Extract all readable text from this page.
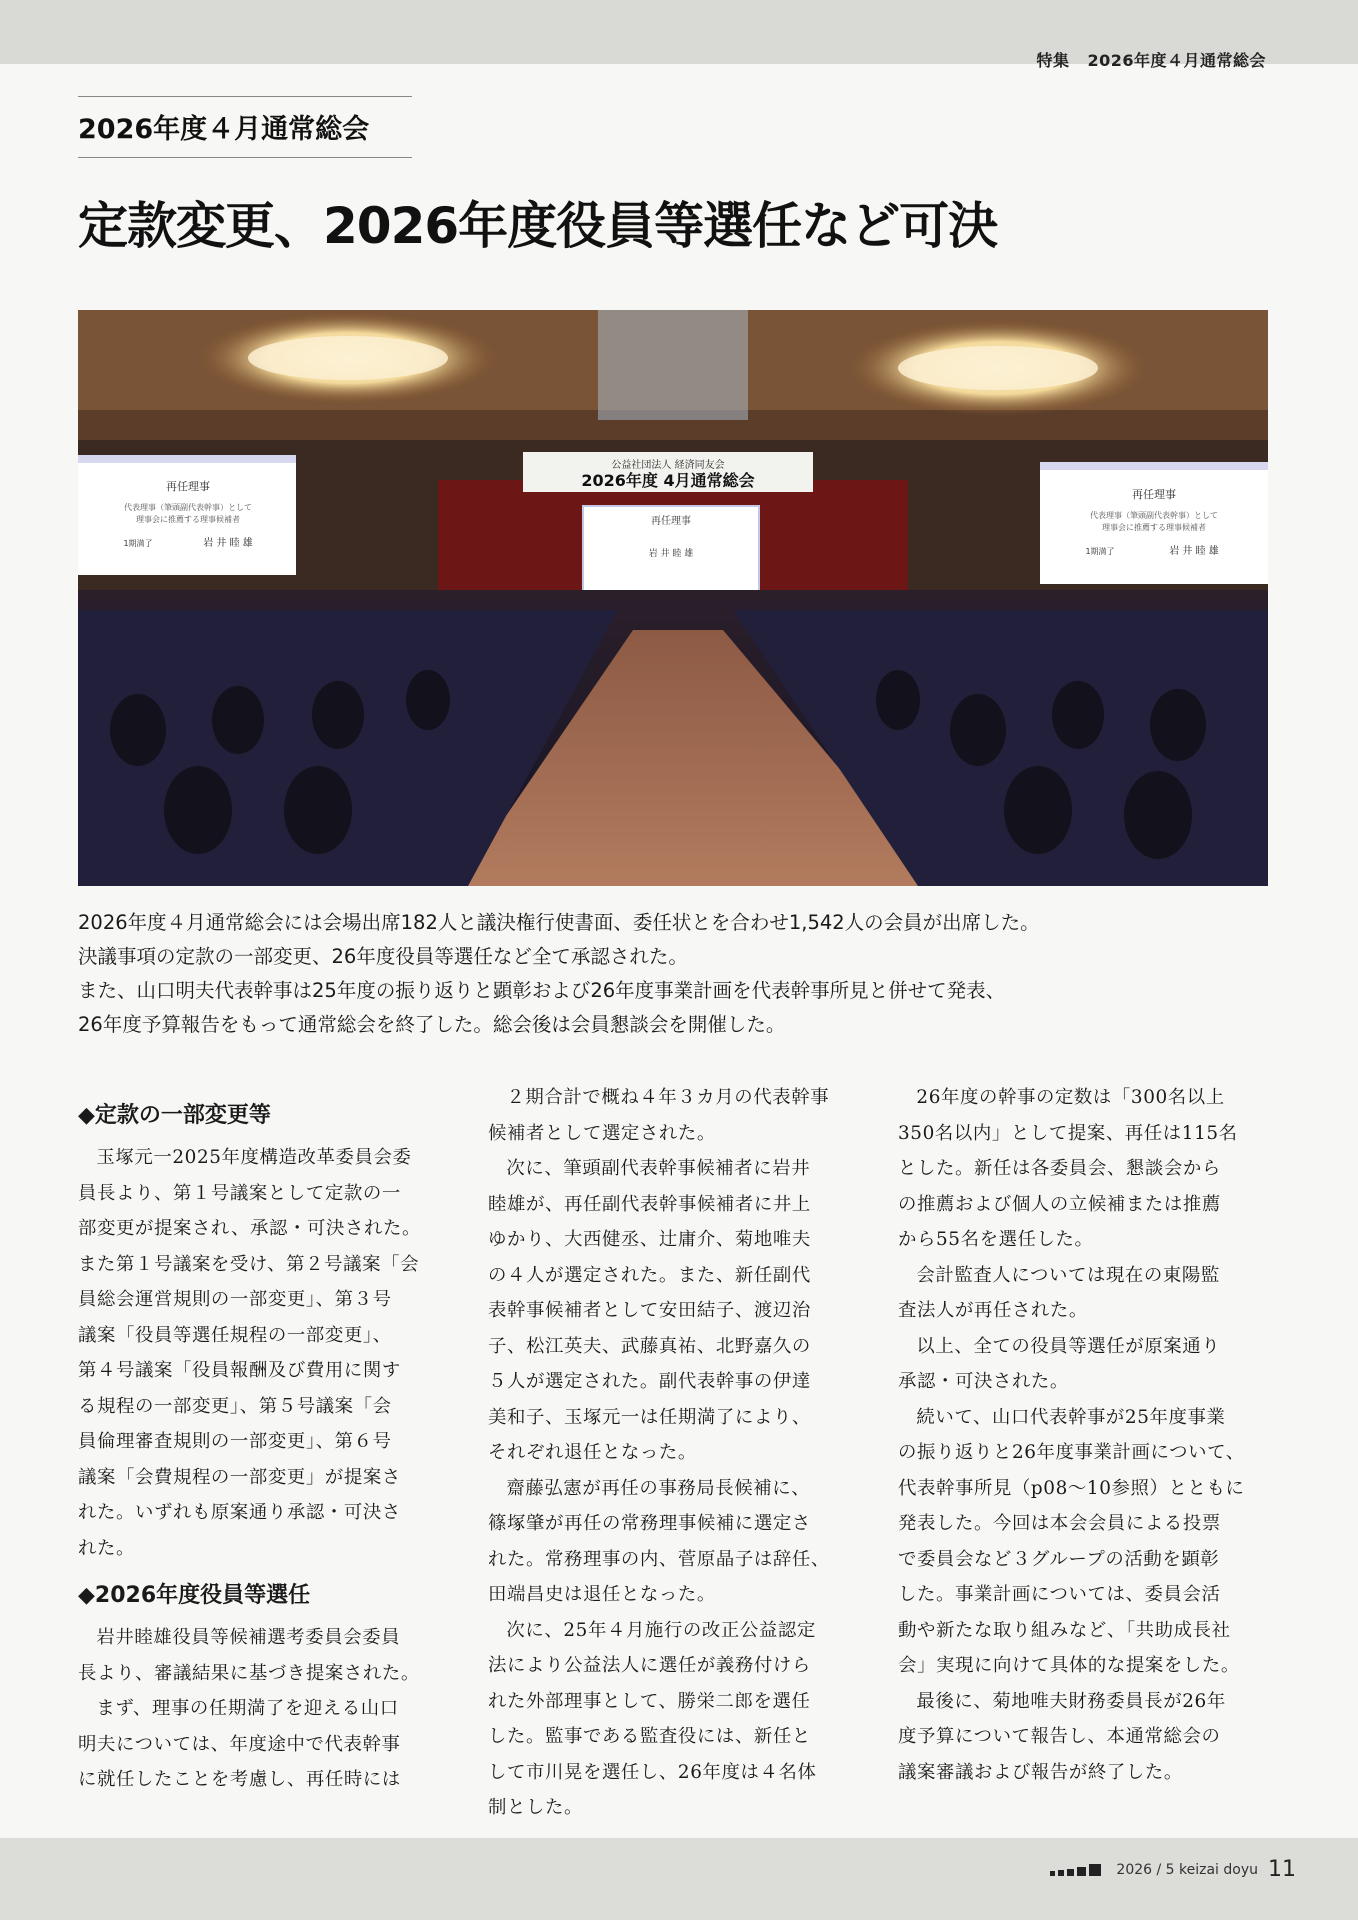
特集 2026年度４月通常総会
2026年度４月通常総会
定款変更、2026年度役員等選任など可決
公益社団法人 経済同友会
2026年度 4月通常総会
再任理事
岩 井 睦 雄
再任理事
代表理事（筆頭副代表幹事）として
理事会に推薦する理事候補者
1期満了	岩 井 睦 雄
再任理事
代表理事（筆頭副代表幹事）として
理事会に推薦する理事候補者
1期満了	岩 井 睦 雄

2026年度４月通常総会には会場出席182人と議決権行使書面、委任状とを合わせ1,542人の会員が出席した。

決議事項の定款の一部変更、26年度役員等選任など全て承認された。

また、山口明夫代表幹事は25年度の振り返りと顕彰および26年度事業計画を代表幹事所見と併せて発表、

26年度予算報告をもって通常総会を終了した。総会後は会員懇談会を開催した。

◆定款の一部変更等

玉塚元一2025年度構造改革委員会委

員長より、第１号議案として定款の一

部変更が提案され、承認・可決された。

また第１号議案を受け、第２号議案「会

員総会運営規則の一部変更」、第３号

議案「役員等選任規程の一部変更」、

第４号議案「役員報酬及び費用に関す

る規程の一部変更」、第５号議案「会

員倫理審査規則の一部変更」、第６号

議案「会費規程の一部変更」が提案さ

れた。いずれも原案通り承認・可決さ

れた。

◆2026年度役員等選任

岩井睦雄役員等候補選考委員会委員

長より、審議結果に基づき提案された。

まず、理事の任期満了を迎える山口

明夫については、年度途中で代表幹事

に就任したことを考慮し、再任時には

２期合計で概ね４年３カ月の代表幹事

候補者として選定された。

次に、筆頭副代表幹事候補者に岩井

睦雄が、再任副代表幹事候補者に井上

ゆかり、大西健丞、辻庸介、菊地唯夫

の４人が選定された。また、新任副代

表幹事候補者として安田結子、渡辺治

子、松江英夫、武藤真祐、北野嘉久の

５人が選定された。副代表幹事の伊達

美和子、玉塚元一は任期満了により、

それぞれ退任となった。

齋藤弘憲が再任の事務局長候補に、

篠塚肇が再任の常務理事候補に選定さ

れた。常務理事の内、菅原晶子は辞任、

田端昌史は退任となった。

次に、25年４月施行の改正公益認定

法により公益法人に選任が義務付けら

れた外部理事として、勝栄二郎を選任

した。監事である監査役には、新任と

して市川晃を選任し、26年度は４名体

制とした。

26年度の幹事の定数は「300名以上

350名以内」として提案、再任は115名

とした。新任は各委員会、懇談会から

の推薦および個人の立候補または推薦

から55名を選任した。

会計監査人については現在の東陽監

査法人が再任された。

以上、全ての役員等選任が原案通り

承認・可決された。

続いて、山口代表幹事が25年度事業

の振り返りと26年度事業計画について、

代表幹事所見（p08～10参照）とともに

発表した。今回は本会会員による投票

で委員会など３グループの活動を顕彰

した。事業計画については、委員会活

動や新たな取り組みなど、「共助成長社

会」実現に向けて具体的な提案をした。

最後に、菊地唯夫財務委員長が26年

度予算について報告し、本通常総会の

議案審議および報告が終了した。

2026 / 5 keizai doyu 11
